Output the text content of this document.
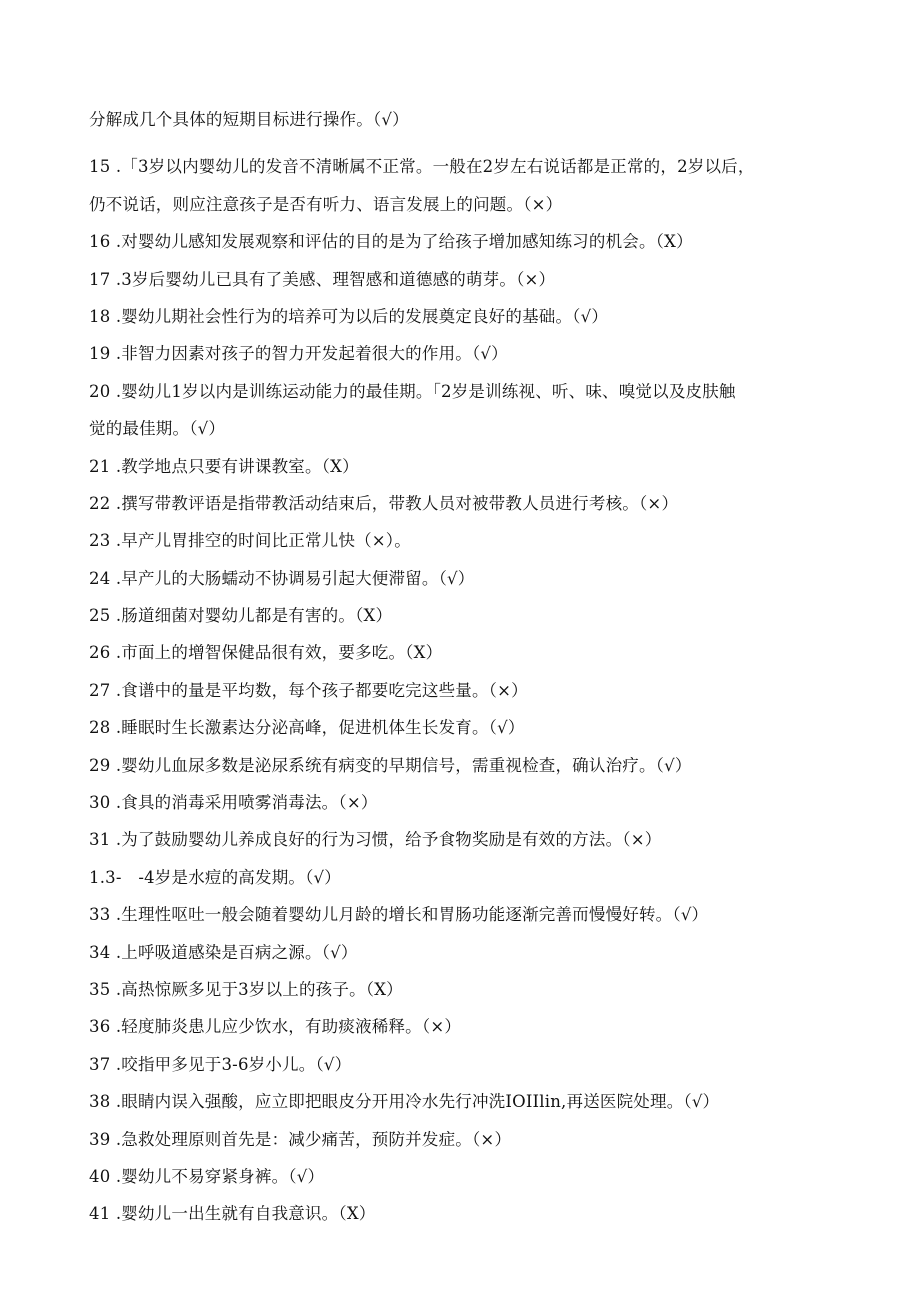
分解成几个具体的短期目标进行操作。（√）
15 .「3岁以内婴幼儿的发音不清晰属不正常。一般在2岁左右说话都是正常的，2岁以后，
仍不说话，则应注意孩子是否有听力、语言发展上的问题。（×）
16 .对婴幼儿感知发展观察和评估的目的是为了给孩子增加感知练习的机会。（X）
17 .3岁后婴幼儿已具有了美感、理智感和道德感的萌芽。（×）
18 .婴幼儿期社会性行为的培养可为以后的发展奠定良好的基础。（√）
19 .非智力因素对孩子的智力开发起着很大的作用。（√）
20 .婴幼儿1岁以内是训练运动能力的最佳期。「2岁是训练视、听、味、嗅觉以及皮肤触
觉的最佳期。（√）
21 .教学地点只要有讲课教室。（X）
22 .撰写带教评语是指带教活动结束后，带教人员对被带教人员进行考核。（×）
23 .早产儿胃排空的时间比正常儿快（×）。
24 .早产儿的大肠蠕动不协调易引起大便滞留。（√）
25 .肠道细菌对婴幼儿都是有害的。（X）
26 .市面上的增智保健品很有效，要多吃。（X）
27 .食谱中的量是平均数，每个孩子都要吃完这些量。（×）
28 .睡眠时生长激素达分泌高峰，促进机体生长发育。（√）
29 .婴幼儿血尿多数是泌尿系统有病变的早期信号，需重视检查，确认治疗。（√）
30 .食具的消毒采用喷雾消毒法。（×）
31 .为了鼓励婴幼儿养成良好的行为习惯，给予食物奖励是有效的方法。（×）
1.3-　-4岁是水痘的高发期。（√）
33 .生理性呕吐一般会随着婴幼儿月龄的增长和胃肠功能逐渐完善而慢慢好转。（√）
34 .上呼吸道感染是百病之源。（√）
35 .高热惊厥多见于3岁以上的孩子。（X）
36 .轻度肺炎患儿应少饮水，有助痰液稀释。（×）
37 .咬指甲多见于3-6岁小儿。（√）
38 .眼睛内误入强酸，应立即把眼皮分开用冷水先行冲洗IOIIlin,再送医院处理。（√）
39 .急救处理原则首先是：减少痛苦，预防并发症。（×）
40 .婴幼儿不易穿紧身裤。（√）
41 .婴幼儿一出生就有自我意识。（X）
